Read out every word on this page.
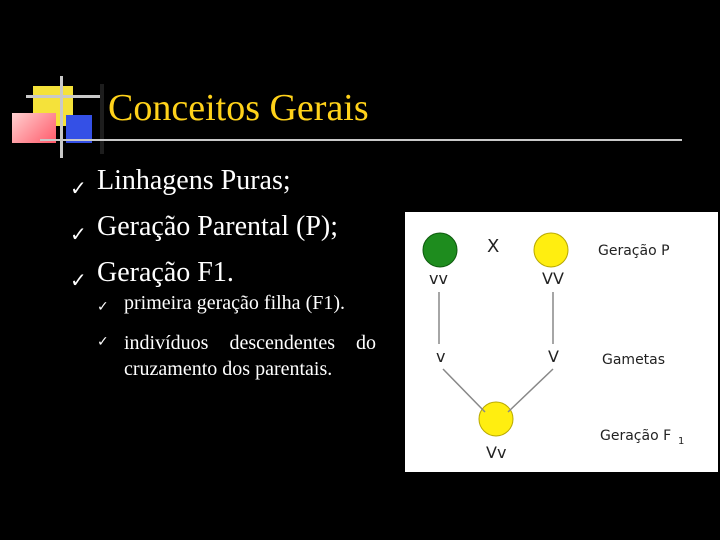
Conceitos Gerais
✓ Linhagens Puras;
✓ Geração Parental (P);
✓ Geração F1.
✓ primeira geração filha (F1).
✓ indivíduos descendentes do cruzamento dos parentais.
X
vv	VV
v	V
Vv
Geração P
Gametas
Geração F 1
